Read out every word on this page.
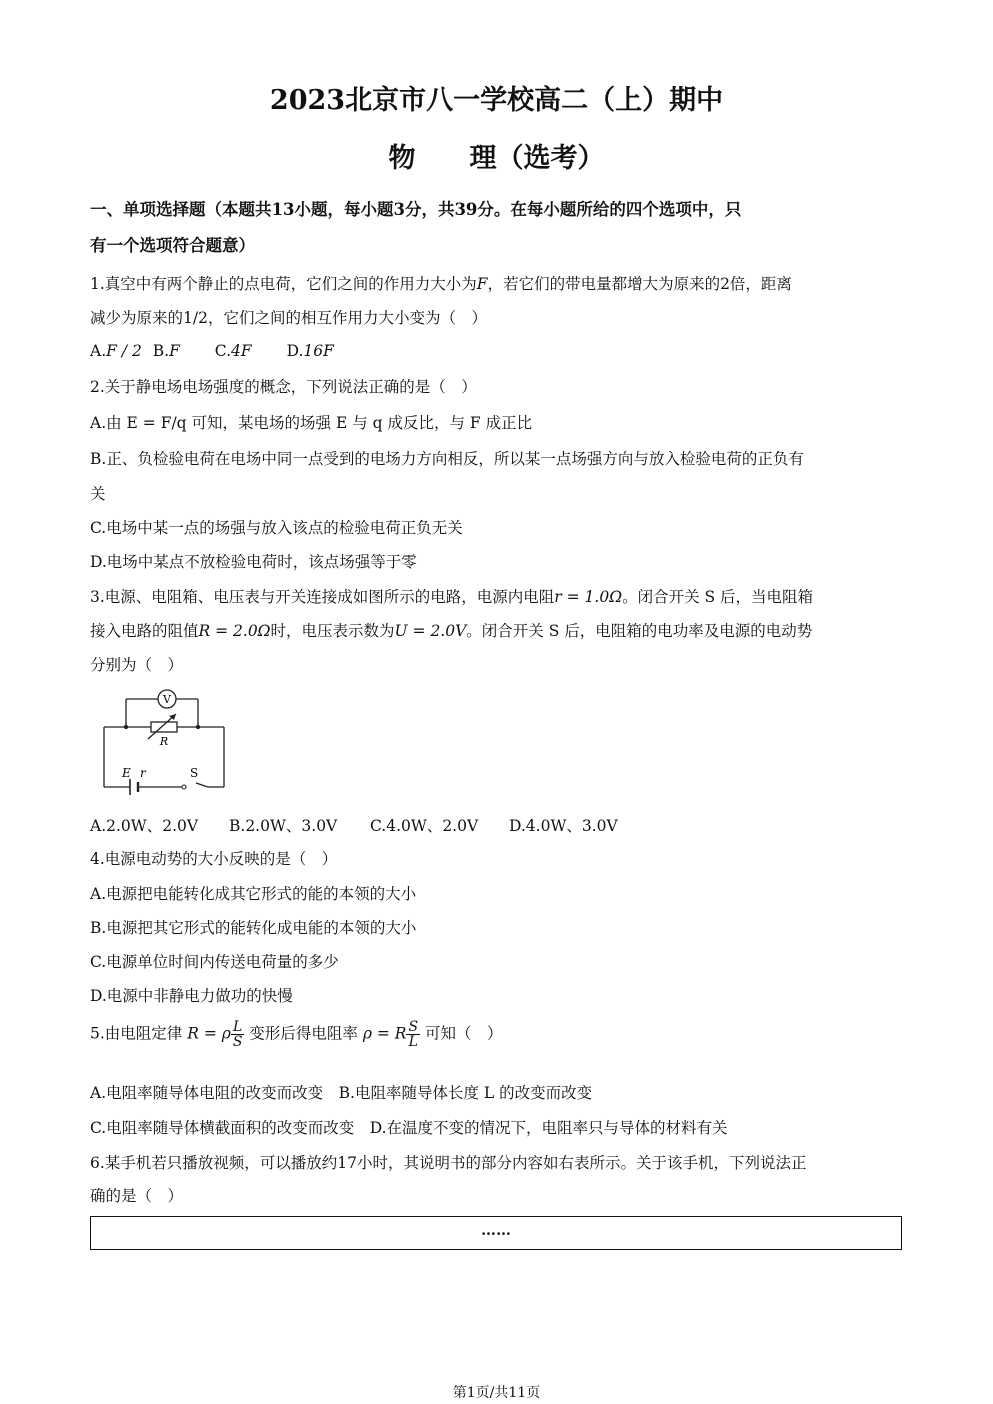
2023北京市八一学校高二（上）期中
物　　理（选考）
一、单项选择题（本题共13小题，每小题3分，共39分。在每小题所给的四个选项中，只
有一个选项符合题意）
1.真空中有两个静止的点电荷，它们之间的作用力大小为F，若它们的带电量都增大为原来的2倍，距离
减少为原来的1/2，它们之间的相互作用力大小变为（　）
A.F / 2 B.F C.4F D.16F
2.关于静电场电场强度的概念，下列说法正确的是（　）
A.由 E = F/q 可知，某电场的场强 E 与 q 成反比，与 F 成正比
B.正、负检验电荷在电场中同一点受到的电场力方向相反，所以某一点场强方向与放入检验电荷的正负有
关
C.电场中某一点的场强与放入该点的检验电荷正负无关
D.电场中某点不放检验电荷时，该点场强等于零
3.电源、电阻箱、电压表与开关连接成如图所示的电路，电源内电阻r = 1.0Ω。闭合开关 S 后，当电阻箱
接入电路的阻值R = 2.0Ω时，电压表示数为U = 2.0V。闭合开关 S 后，电阻箱的电功率及电源的电动势
分别为（　）
V
R
E r	S
A.2.0W、2.0V B.2.0W、3.0V C.4.0W、2.0V D.4.0W、3.0V
4.电源电动势的大小反映的是（　）
A.电源把电能转化成其它形式的能的本领的大小
B.电源把其它形式的能转化成电能的本领的大小
C.电源单位时间内传送电荷量的多少
D.电源中非静电力做功的快慢
5.由电阻定律 R = ρ $\frac{L}{S}$ 变形后得电阻率 ρ = R $\frac{S}{L}$ 可知（　）
A.电阻率随导体电阻的改变而改变　B.电阻率随导体长度 L 的改变而改变
C.电阻率随导体横截面积的改变而改变　D.在温度不变的情况下，电阻率只与导体的材料有关
6.某手机若只播放视频，可以播放约17小时，其说明书的部分内容如右表所示。关于该手机，下列说法正
确的是（　）
……
第1页/共11页
